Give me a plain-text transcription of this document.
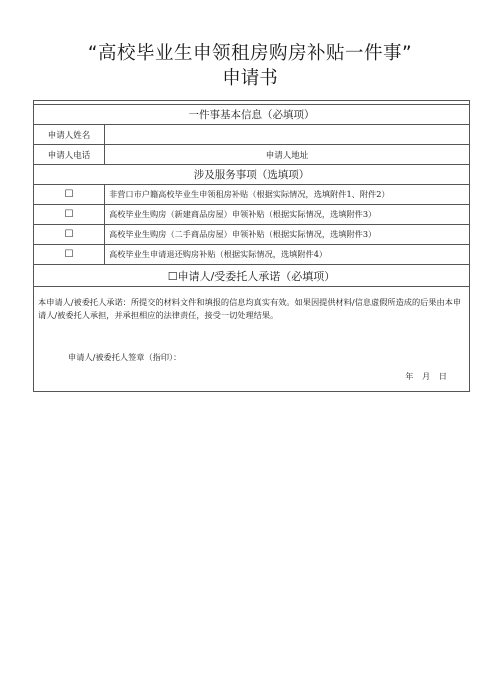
“高校毕业生申领租房购房补贴一件事”
申请书

一件事基本信息（必填项）	
申请人姓名	
申请人电话	申请人地址
涉及服务事项（选填项）	
☐	非营口市户籍高校毕业生申领租房补贴（根据实际情况，选填附件1、附件2）
☐	高校毕业生购房（新建商品房屋）申领补贴（根据实际情况，选填附件3）
☐	高校毕业生购房（二手商品房屋）申领补贴（根据实际情况，选填附件3）
☐	高校毕业生申请退还购房补贴（根据实际情况，选填附件4）
☐申请人/受委托人承诺（必填项）	

本申请人/被委托人承诺：所提交的材料文件和填报的信息均真实有效。如果因提供材料/信息虚假所造成的后果由本申请人/被委托人承担，并承担相应的法律责任，接受一切处理结果。
申请人/被委托人签章（指印）：
年 月 日	
